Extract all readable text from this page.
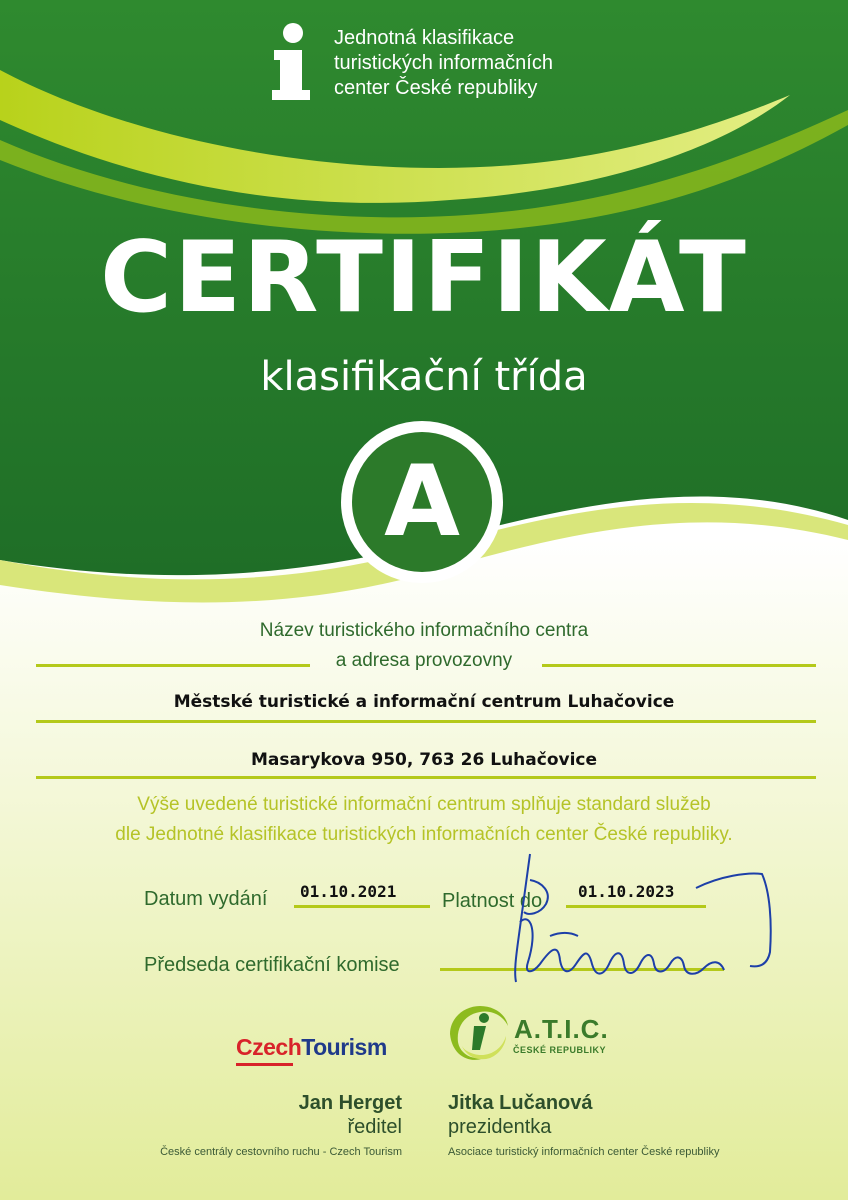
Jednotná klasifikace
turistických informačních
center České republiky
CERTIFIKÁT
klasifikační třída
A
Název turistického informačního centra
a adresa provozovny
Městské turistické a informační centrum Luhačovice
Masarykova 950, 763 26 Luhačovice
Výše uvedené turistické informační centrum splňuje standard služeb
dle Jednotné klasifikace turistických informačních center České republiky.
Datum vydání 01.10.2021 Platnost do 01.10.2023
Předseda certifikační komise
CzechTourism
A.T.I.C.
ČESKÉ REPUBLIKY
Jan Herget
ředitel
České centrály cestovního ruchu - Czech Tourism
Jitka Lučanová
prezidentka
Asociace turistický informačních center České republiky
